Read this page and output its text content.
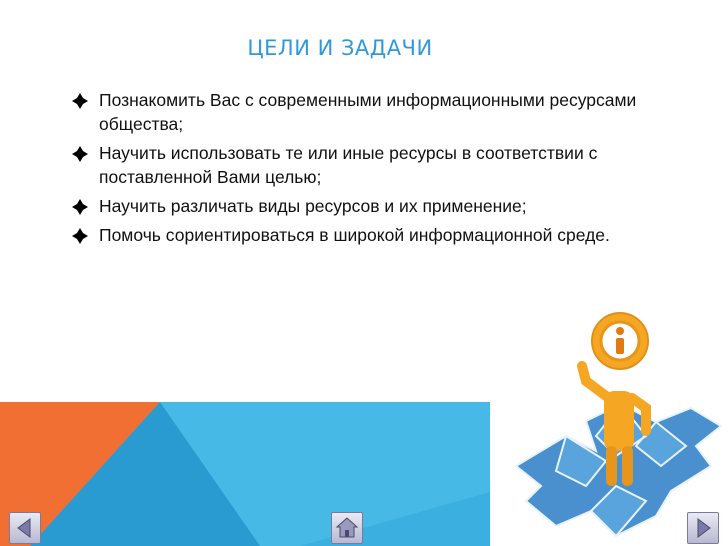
ЦЕЛИ И ЗАДАЧИ
Познакомить Вас с современными информационными ресурсами общества;
Научить использовать те или иные ресурсы в соответствии с поставленной Вами целью;
Научить различать виды ресурсов и их применение;
Помочь сориентироваться в широкой информационной среде.
